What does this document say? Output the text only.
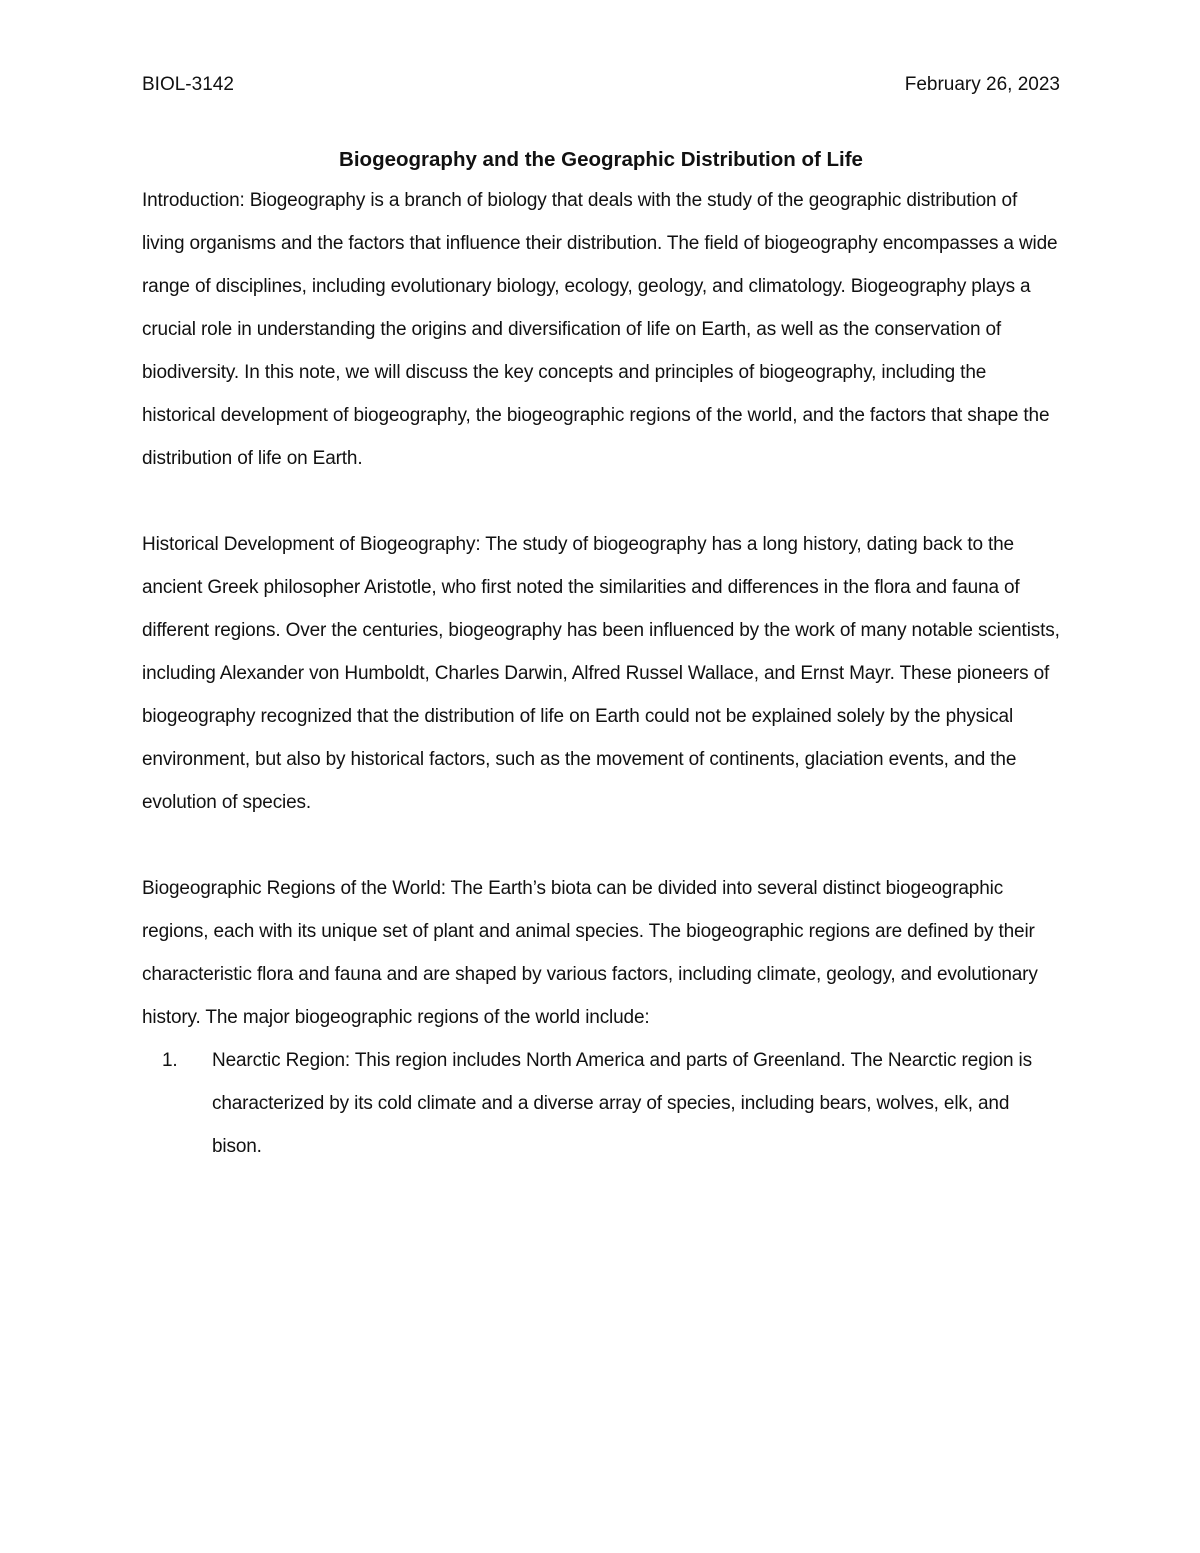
BIOL-3142	February 26, 2023
Biogeography and the Geographic Distribution of Life

Introduction: Biogeography is a branch of biology that deals with the study of the geographic distribution of living organisms and the factors that influence their distribution. The field of biogeography encompasses a wide range of disciplines, including evolutionary biology, ecology, geology, and climatology. Biogeography plays a crucial role in understanding the origins and diversification of life on Earth, as well as the conservation of biodiversity. In this note, we will discuss the key concepts and principles of biogeography, including the historical development of biogeography, the biogeographic regions of the world, and the factors that shape the distribution of life on Earth.

Historical Development of Biogeography: The study of biogeography has a long history, dating back to the ancient Greek philosopher Aristotle, who first noted the similarities and differences in the flora and fauna of different regions. Over the centuries, biogeography has been influenced by the work of many notable scientists, including Alexander von Humboldt, Charles Darwin, Alfred Russel Wallace, and Ernst Mayr. These pioneers of biogeography recognized that the distribution of life on Earth could not be explained solely by the physical environment, but also by historical factors, such as the movement of continents, glaciation events, and the evolution of species.

Biogeographic Regions of the World: The Earth’s biota can be divided into several distinct biogeographic regions, each with its unique set of plant and animal species. The biogeographic regions are defined by their characteristic flora and fauna and are shaped by various factors, including climate, geology, and evolutionary history. The major biogeographic regions of the world include:

1.	Nearctic Region: This region includes North America and parts of Greenland. The Nearctic region is characterized by its cold climate and a diverse array of species, including bears, wolves, elk, and bison.
